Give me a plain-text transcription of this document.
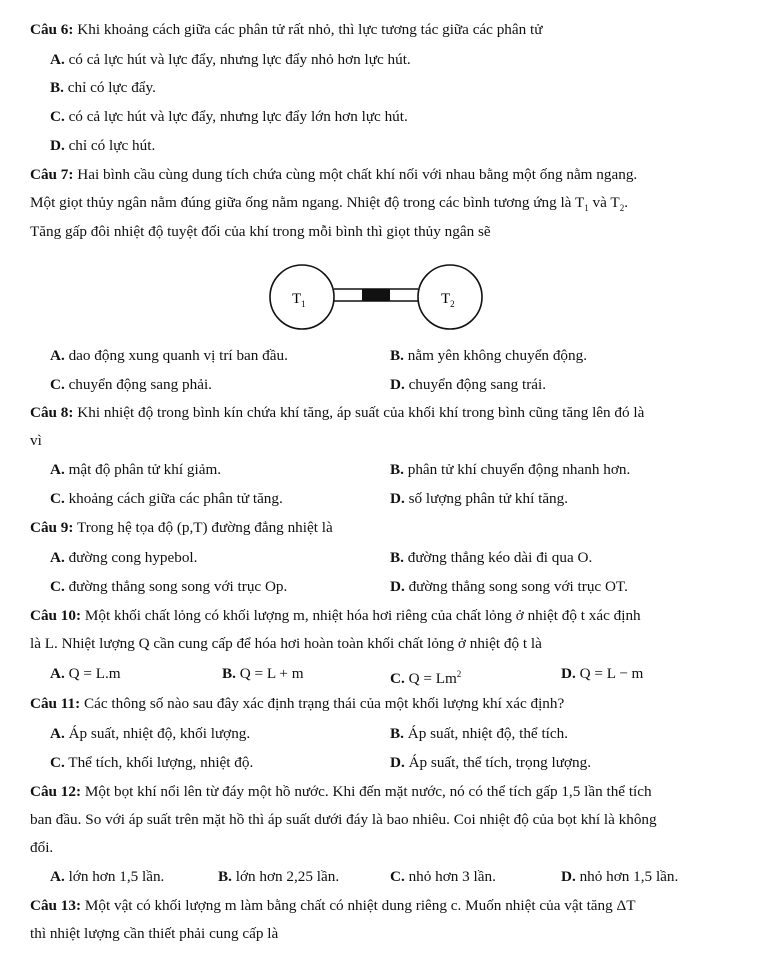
Câu 6: Khi khoảng cách giữa các phân tử rất nhỏ, thì lực tương tác giữa các phân tử
A. có cả lực hút và lực đẩy, nhưng lực đẩy nhỏ hơn lực hút.
B. chỉ có lực đẩy.
C. có cả lực hút và lực đẩy, nhưng lực đẩy lớn hơn lực hút.
D. chỉ có lực hút.
Câu 7: Hai bình cầu cùng dung tích chứa cùng một chất khí nối với nhau bằng một ống nằm ngang.
Một giọt thủy ngân nằm đúng giữa ống nằm ngang. Nhiệt độ trong các bình tương ứng là $T_1$ và $T_2$.
Tăng gấp đôi nhiệt độ tuyệt đối của khí trong mỗi bình thì giọt thủy ngân sẽ
$T_1$	$T_2$
A. dao động xung quanh vị trí ban đầu.	B. nằm yên không chuyển động.
C. chuyển động sang phải.	D. chuyển động sang trái.
Câu 8: Khi nhiệt độ trong bình kín chứa khí tăng, áp suất của khối khí trong bình cũng tăng lên đó là
vì
A. mật độ phân tử khí giảm.	B. phân tử khí chuyển động nhanh hơn.
C. khoảng cách giữa các phân tử tăng.	D. số lượng phân tử khí tăng.
Câu 9: Trong hệ tọa độ (p,T) đường đẳng nhiệt là
A. đường cong hypebol.	B. đường thẳng kéo dài đi qua O.
C. đường thẳng song song với trục Op.	D. đường thẳng song song với trục OT.
Câu 10: Một khối chất lỏng có khối lượng m, nhiệt hóa hơi riêng của chất lỏng ở nhiệt độ t xác định
là L. Nhiệt lượng Q cần cung cấp để hóa hơi hoàn toàn khối chất lỏng ở nhiệt độ t là
A. Q = L.m	B. Q = L + m	C. $Q = Lm^2$	D. Q = L − m
Câu 11: Các thông số nào sau đây xác định trạng thái của một khối lượng khí xác định?
A. Áp suất, nhiệt độ, khối lượng.	B. Áp suất, nhiệt độ, thể tích.
C. Thể tích, khối lượng, nhiệt độ.	D. Áp suất, thể tích, trọng lượng.
Câu 12: Một bọt khí nổi lên từ đáy một hồ nước. Khi đến mặt nước, nó có thể tích gấp 1,5 lần thể tích
ban đầu. So với áp suất trên mặt hồ thì áp suất dưới đáy là bao nhiêu. Coi nhiệt độ của bọt khí là không
đổi.
A. lớn hơn 1,5 lần.	B. lớn hơn 2,25 lần.	C. nhỏ hơn 3 lần.	D. nhỏ hơn 1,5 lần.
Câu 13: Một vật có khối lượng m làm bằng chất có nhiệt dung riêng c. Muốn nhiệt của vật tăng ΔT
thì nhiệt lượng cần thiết phải cung cấp là
